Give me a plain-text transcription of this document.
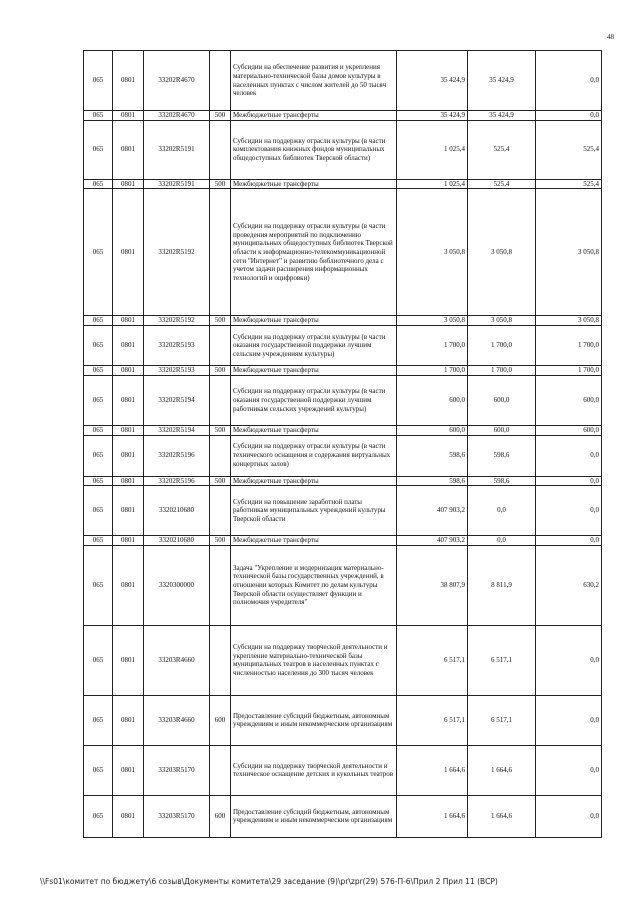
48
065	0801	33202R4670		Субсидии на обеспечение развития и укрепления материально-технической базы домов культуры в населенных пунктах с числом жителей до 50 тысяч человек	35 424,9	35 424,9	0,0
065	0801	33202R4670	500	Межбюджетные трансферты	35 424,9	35 424,9	0,0
065	0801	33202R5191		Субсидии на поддержку отрасли культуры (в части комплектования книжных фондов муниципальных общедоступных библиотек Тверской области)	1 025,4	525,4	525,4
065	0801	33202R5191	500	Межбюджетные трансферты	1 025,4	525,4	525,4
065	0801	33202R5192		Субсидии на поддержку отрасли культуры (в части проведения мероприятий по подключению муниципальных общедоступных библиотек Тверской области к информационно-телекоммуникационной сети "Интернет" и развитию библиотечного дела с учетом задачи расширения информационных технологий и оцифровки)	3 050,8	3 050,8	3 050,8
065	0801	33202R5192	500	Межбюджетные трансферты	3 050,8	3 050,8	3 050,8
065	0801	33202R5193		Субсидии на поддержку отрасли культуры (в части оказания государственной поддержки лучшим сельским учреждениям культуры)	1 700,0	1 700,0	1 700,0
065	0801	33202R5193	500	Межбюджетные трансферты	1 700,0	1 700,0	1 700,0
065	0801	33202R5194		Субсидии на поддержку отрасли культуры (в части оказания государственной поддержки лучшим работникам сельских учреждений культуры)	600,0	600,0	600,0
065	0801	33202R5194	500	Межбюджетные трансферты	600,0	600,0	600,0
065	0801	33202R5196		Субсидии на поддержку отрасли культуры (в части технического оснащения и содержания виртуальных концертных залов)	598,6	598,6	0,0
065	0801	33202R5196	500	Межбюджетные трансферты	598,6	598,6	0,0
065	0801	3320210680		Субсидии на повышение заработной платы работникам муниципальных учреждений культуры Тверской области	407 903,2	0,0	0,0
065	0801	3320210680	500	Межбюджетные трансферты	407 903,2	0,0	0,0
065	0801	3320300000		Задача "Укрепление и модернизация материально-технической базы государственных учреждений, в отношении которых Комитет по делам культуры Тверской области осуществляет функции и полномочия учредителя"	38 807,9	8 811,9	630,2
065	0801	33203R4660		Субсидии на поддержку творческой деятельности и укрепление материально-технической базы муниципальных театров в населенных пунктах с численностью населения до 300 тысяч человек	6 517,1	6 517,1	0,0
065	0801	33203R4660	600	Предоставление субсидий бюджетным, автономным учреждениям и иным некоммерческим организациям	6 517,1	6 517,1	0,0
065	0801	33203R5170		Субсидии на поддержку творческой деятельности и техническое оснащение детских и кукольных театров	1 664,6	1 664,6	0,0
065	0801	33203R5170	600	Предоставление субсидий бюджетным, автономным учреждениям и иным некоммерческим организациям	1 664,6	1 664,6	0,0
\\Fs01\комитет по бюджету\6 созыв\Документы комитета\29 заседание (9)\pr\zpr(29) 576-П-6\Прил 2 Прил 11 (ВСР)
